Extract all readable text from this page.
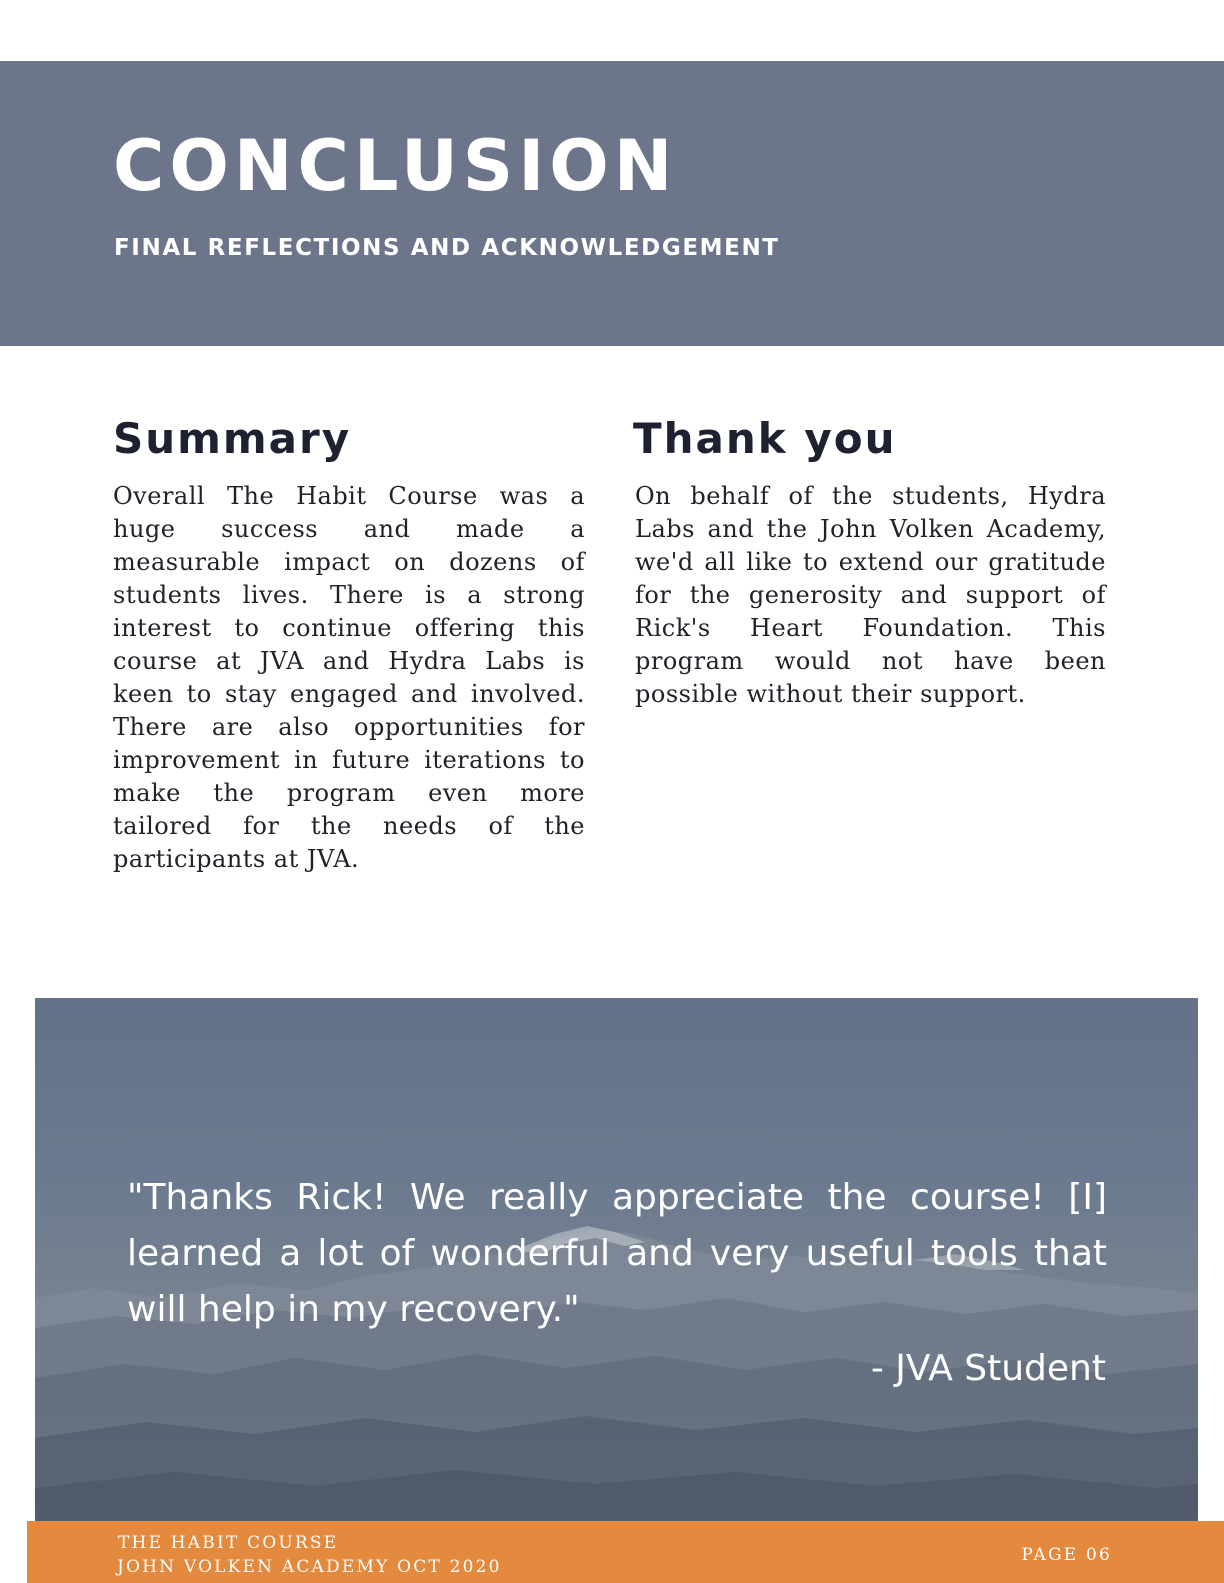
CONCLUSION
FINAL REFLECTIONS AND ACKNOWLEDGEMENT
Summary

Overall The Habit Course was a huge success and made a measurable impact on dozens of students lives. There is a strong interest to continue offering this course at JVA and Hydra Labs is keen to stay engaged and involved. There are also opportunities for improvement in future iterations to make the program even more tailored for the needs of the participants at JVA.

Thank you

On behalf of the students, Hydra Labs and the John Volken Academy, we'd all like to extend our gratitude for the generosity and support of Rick's Heart Foundation. This program would not have been possible without their support.

"Thanks Rick! We really appreciate the course! [I] learned a lot of wonderful and very useful tools that will help in my recovery."

- JVA Student

THE HABIT COURSE

JOHN VOLKEN ACADEMY OCT 2020

PAGE 06
